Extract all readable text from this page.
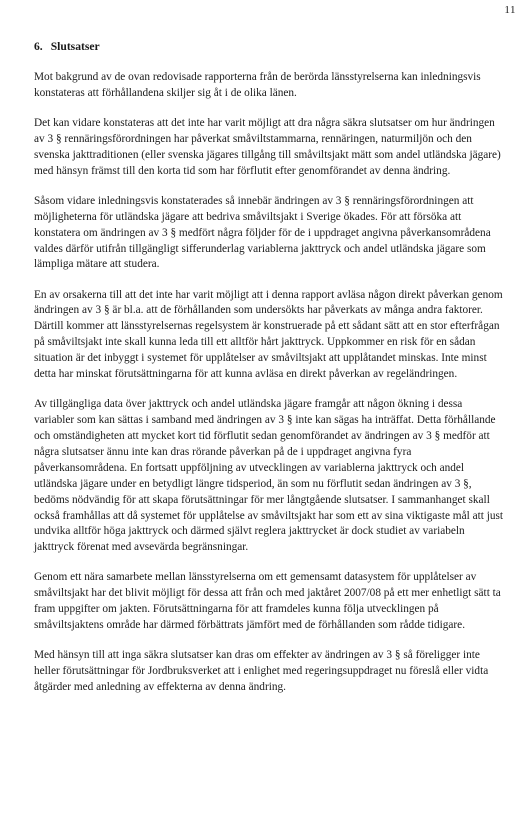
11
6. Slutsatser

Mot bakgrund av de ovan redovisade rapporterna från de berörda länsstyrelserna kan inledningsvis konstateras att förhållandena skiljer sig åt i de olika länen.

Det kan vidare konstateras att det inte har varit möjligt att dra några säkra slutsatser om hur ändringen av 3 § rennäringsförordningen har påverkat småviltstammarna, rennäringen, naturmiljön och den svenska jakttraditionen (eller svenska jägares tillgång till småviltsjakt mätt som andel utländska jägare) med hänsyn främst till den korta tid som har förflutit efter genomförandet av denna ändring.

Såsom vidare inledningsvis konstaterades så innebär ändringen av 3 § rennäringsförordningen att möjligheterna för utländska jägare att bedriva småviltsjakt i Sverige ökades. För att försöka att konstatera om ändringen av 3 § medfört några följder för de i uppdraget angivna påverkansområdena valdes därför utifrån tillgängligt sifferunderlag variablerna jakttryck och andel utländska jägare som lämpliga mätare att studera.

En av orsakerna till att det inte har varit möjligt att i denna rapport avläsa någon direkt påverkan genom ändringen av 3 § är bl.a. att de förhållanden som undersökts har påverkats av många andra faktorer. Därtill kommer att länsstyrelsernas regelsystem är konstruerade på ett sådant sätt att en stor efterfrågan på småviltsjakt inte skall kunna leda till ett alltför hårt jakttryck. Uppkommer en risk för en sådan situation är det inbyggt i systemet för upplåtelser av småviltsjakt att upplåtandet minskas. Inte minst detta har minskat förutsättningarna för att kunna avläsa en direkt påverkan av regeländringen.

Av tillgängliga data över jakttryck och andel utländska jägare framgår att någon ökning i dessa variabler som kan sättas i samband med ändringen av 3 § inte kan sägas ha inträffat. Detta förhållande och omständigheten att mycket kort tid förflutit sedan genomförandet av ändringen av 3 § medför att några slutsatser ännu inte kan dras rörande påverkan på de i uppdraget angivna fyra påverkansområdena. En fortsatt uppföljning av utvecklingen av variablerna jakttryck och andel utländska jägare under en betydligt längre tidsperiod, än som nu förflutit sedan ändringen av 3 §, bedöms nödvändig för att skapa förutsättningar för mer långtgående slutsatser. I sammanhanget skall också framhållas att då systemet för upplåtelse av småviltsjakt har som ett av sina viktigaste mål att just undvika alltför höga jakttryck och därmed självt reglera jakttrycket är dock studiet av variabeln jakttryck förenat med avsevärda begränsningar.

Genom ett nära samarbete mellan länsstyrelserna om ett gemensamt datasystem för upplåtelser av småviltsjakt har det blivit möjligt för dessa att från och med jaktåret 2007/08 på ett mer enhetligt sätt ta fram uppgifter om jakten. Förutsättningarna för att framdeles kunna följa utvecklingen på småviltsjaktens område har därmed förbättrats jämfört med de förhållanden som rådde tidigare.

Med hänsyn till att inga säkra slutsatser kan dras om effekter av ändringen av 3 § så föreligger inte heller förutsättningar för Jordbruksverket att i enlighet med regeringsuppdraget nu föreslå eller vidta åtgärder med anledning av effekterna av denna ändring.
